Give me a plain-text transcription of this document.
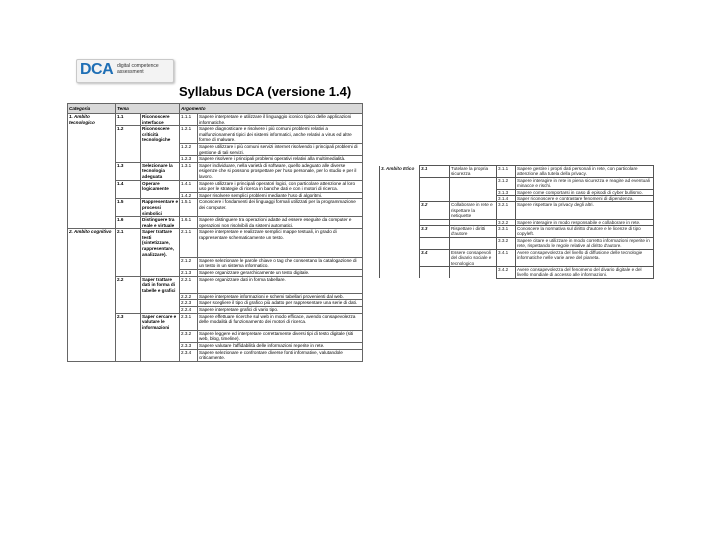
DCA digital competence assessment
Syllabus DCA (versione 1.4)
Categoria	Tema		Argomento	
1. Ambito tecnologico	1.1	Riconoscere interfacce	1.1.1	Sapere interpretare e utilizzare il linguaggio iconico tipico delle applicazioni informatiche.
	1.2	Riconoscere criticità tecnologiche	1.2.1	Sapere diagnosticare e risolvere i più comuni problemi relativi a malfunzionamenti tipici dei sistemi informatici, anche relativi a virus ed altre forme di malware.
			1.2.2	Sapere utilizzare i più comuni servizi internet risolvendo i principali problemi di gestione di tali servizi.
			1.2.3	Sapere risolvere i principali problemi operativi relativi alla multimedialità.
	1.3	Selezionare la tecnologia adeguata	1.3.1	Saper individuare, nella varietà di software, quello adeguato alle diverse esigenze che si possono prospettare per l'uso personale, per lo studio e per il lavoro.
	1.4	Operare logicamente	1.4.1	Sapere utilizzare i principali operatori logici, con particolare attenzione al loro uso per le strategie di ricerca in banche dati e con i motori di ricerca.
			1.4.2	Saper risolvere semplici problemi mediante l'uso di algoritmi.
	1.5	Rappresentare e processi simbolici	1.5.1	Conoscere i fondamenti dei linguaggi formali utilizzati per la programmazione dei computer.
	1.6	Distinguere tra reale e virtuale	1.6.1	Sapere distinguere tra operazioni adatte ad essere eseguite da computer e operazioni non risolvibili da sistemi automatici.
2. Ambito cognitivo	2.1	Saper trattare testi (sintetizzare, rappresentare, analizzare).	2.1.1	Sapere interpretare e realizzare semplici mappe testuali, in grado di rappresentare schematicamente un testo.
			2.1.2	Sapere selezionare le parole chiave o tag che consentano la catalogazione di un testo in un sistema informatico.
			2.1.3	Sapere organizzare gerarchicamente un testo digitale.
	2.2	Saper trattare dati in forma di tabelle e grafici	2.2.1	Sapere organizzare dati in forma tabellare.
			2.2.2	Sapere interpretare informazioni e schemi tabellari provenienti dal web.
			2.2.3	Saper scegliere il tipo di grafico più adatto per rappresentare una serie di dati.
			2.2.4	Sapere interpretare grafici di vario tipo.
	2.3	Saper cercare e valutare le informazioni	2.3.1	Sapere effettuare ricerche sul web in modo efficace, avendo consapevolezza delle modalità di funzionamento dei motori di ricerca.
			2.3.2	Sapere leggere ed interpretare correttamente diversi tipi di testo digitale (siti web, blog, timeline).
			2.3.3	Sapere valutare l'affidabilità delle informazioni reperite in rete.
			2.3.4	Sapere selezionare e confrontare diverse fonti informative, valutandole criticamente.
3. Ambito Etico	3.1	Tutelare la propria sicurezza	3.1.1	Sapere gestire i propri dati personali in rete, con particolare attenzione alla tutela della privacy.
			3.1.2	Sapere interagire in rete in piena sicurezza e reagire ad eventuali minacce e rischi.
			3.1.3	Sapere come comportarsi in caso di episodi di cyber bullismo.
			3.1.4	Saper riconoscere e contrastare fenomeni di dipendenza.
	3.2	Collaborare in rete e rispettare la netiquette	3.2.1	Sapere rispettare la privacy degli altri.
			3.2.2	Sapere interagire in modo responsabile e collaborare in rete.
	3.3	Rispettare i diritti d'autore	3.3.1	Conoscere la normativa sul diritto d'autore e le licenze di tipo copyleft.
			3.3.2	Sapere citare e utilizzare in modo corretto informazioni reperite in rete, rispettando le regole relative al diritto d'autore.
	3.4	Essere consapevoli del divario sociale e tecnologico	3.4.1	Avere consapevolezza del livello di diffusione delle tecnologie informatiche nelle varie aree del pianeta.
			3.4.2	Avere consapevolezza del fenomeno del divario digitale e del livello mondiale di accesso alle informazioni.
